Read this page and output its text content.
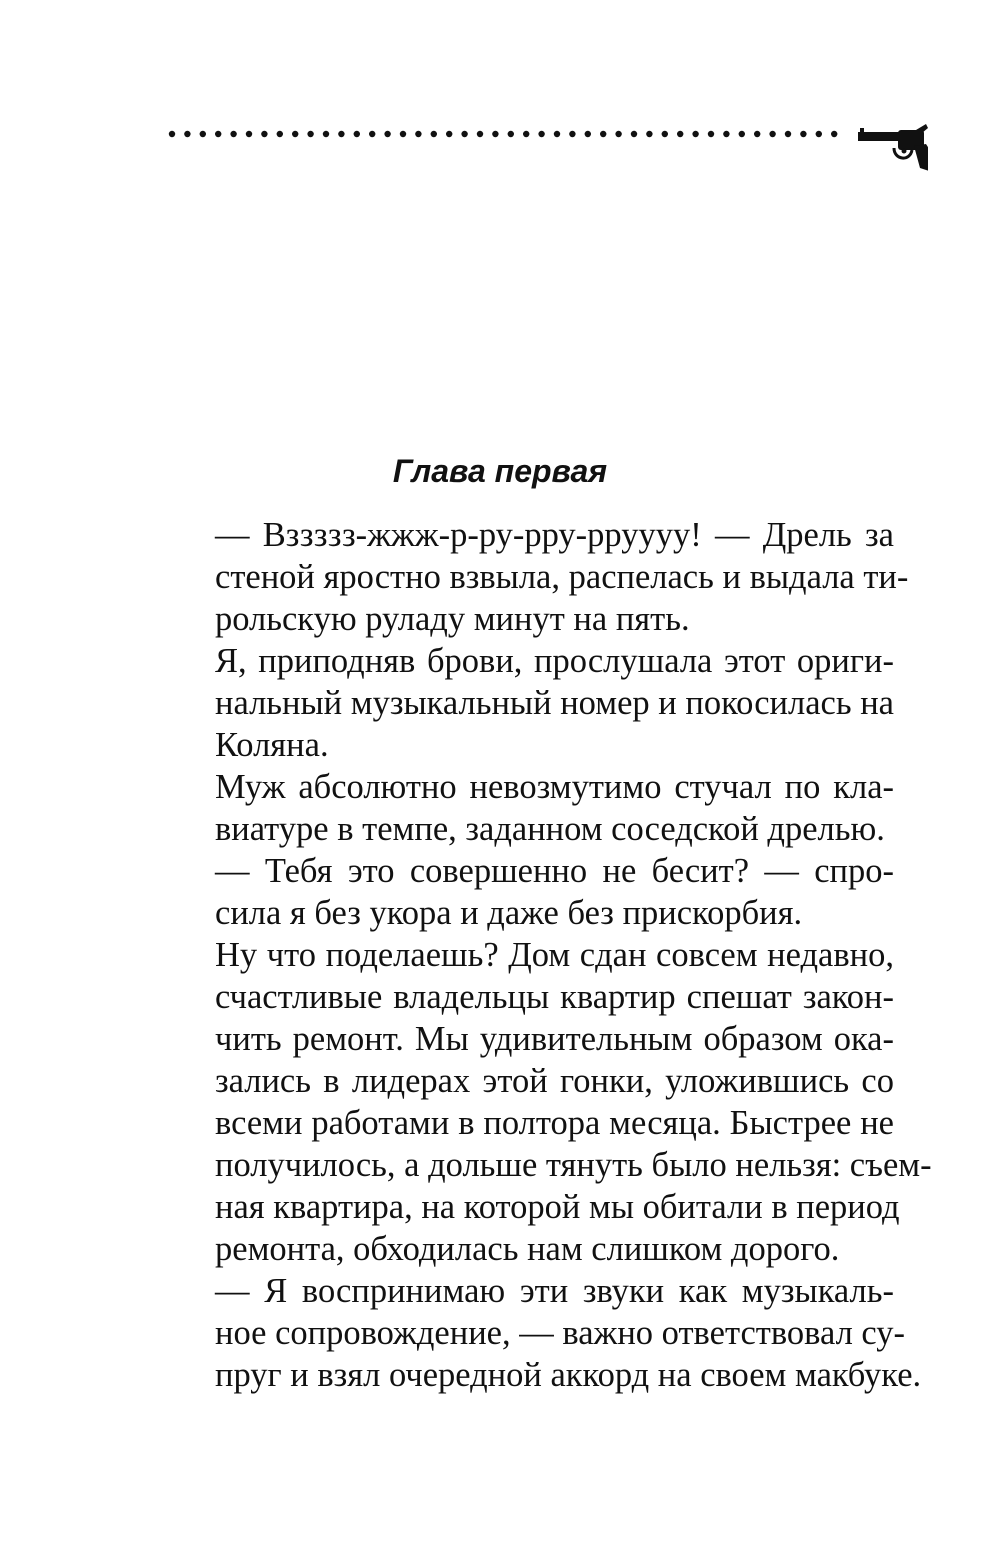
Глава первая

— Вззззз-жжж-р-ру-рру-рруууу! — Дрель за
стеной яростно взвыла, распелась и выдала ти-
рольскую руладу минут на пять.

Я, приподняв брови, прослушала этот ориги-
нальный музыкальный номер и покосилась на
Коляна.

Муж абсолютно невозмутимо стучал по кла-
виатуре в темпе, заданном соседской дрелью.

— Тебя это совершенно не бесит? — спро-
сила я без укора и даже без прискорбия.

Ну что поделаешь? Дом сдан совсем недавно,
счастливые владельцы квартир спешат закон-
чить ремонт. Мы удивительным образом ока-
зались в лидерах этой гонки, уложившись со
всеми работами в полтора месяца. Быстрее не
получилось, а дольше тянуть было нельзя: съем-
ная квартира, на которой мы обитали в период
ремонта, обходилась нам слишком дорого.

— Я воспринимаю эти звуки как музыкаль-
ное сопровождение, — важно ответствовал су-
пруг и взял очередной аккорд на своем макбуке.
